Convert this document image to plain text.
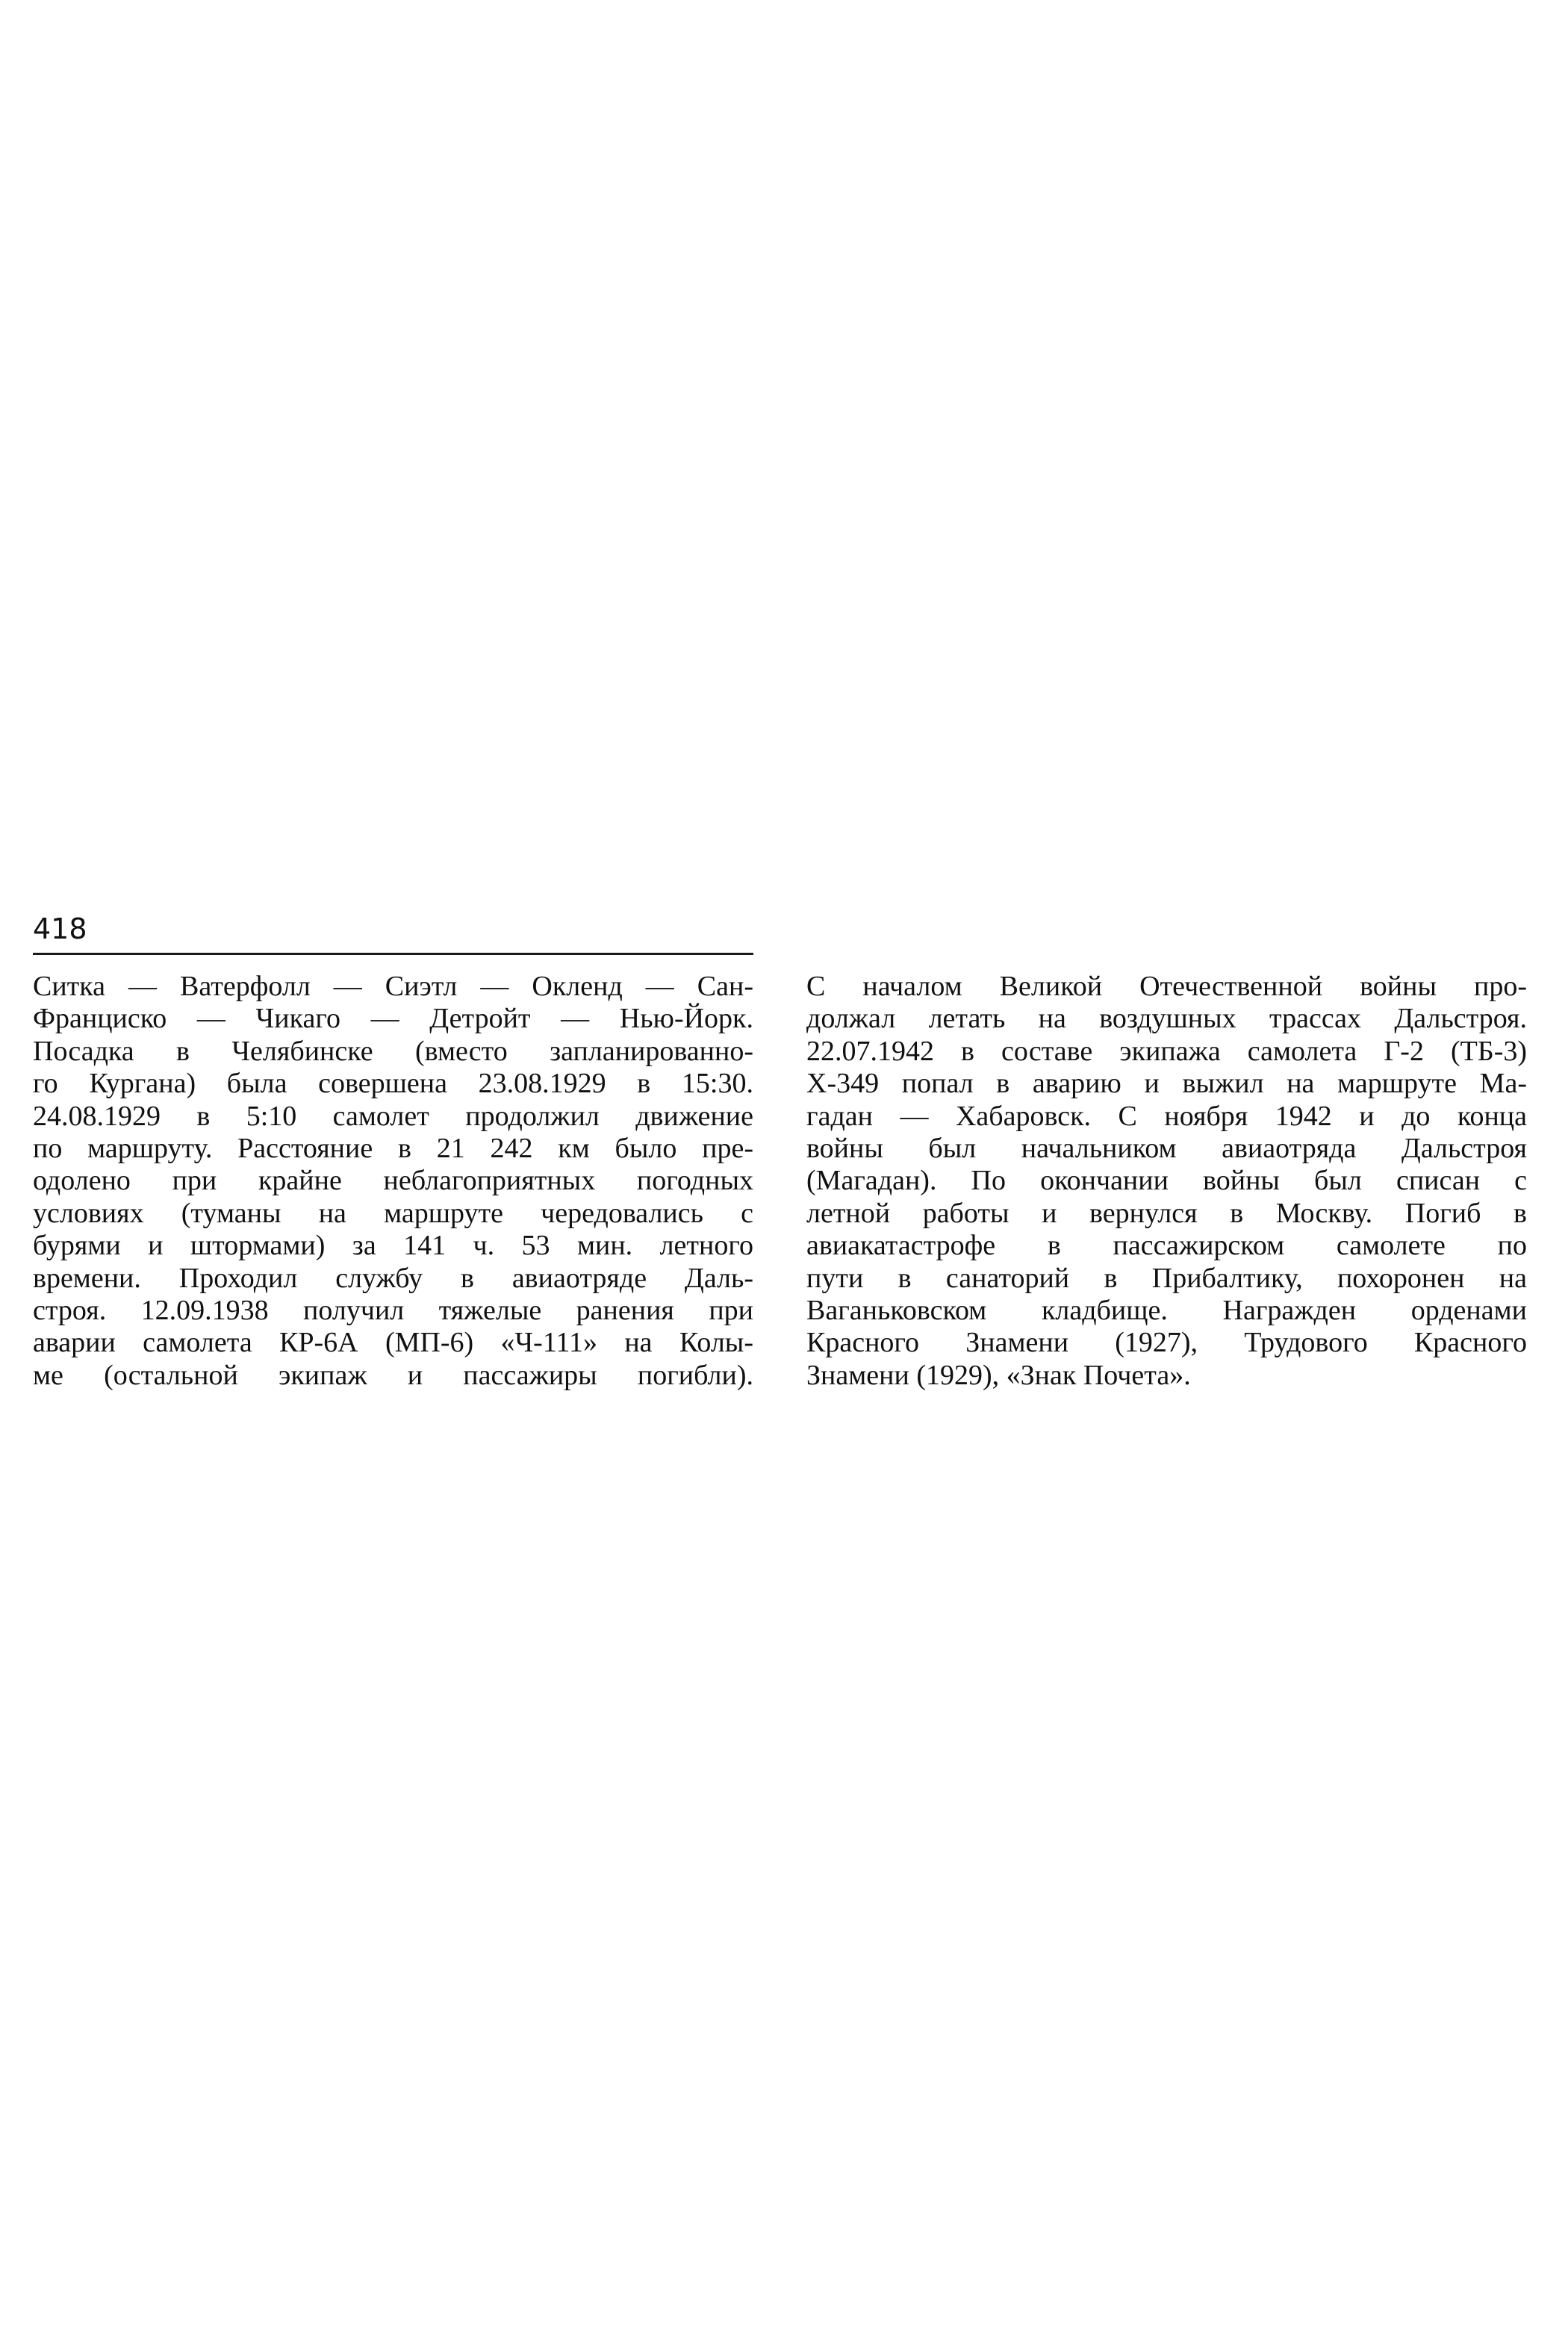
418
Ситка — Ватерфолл — Сиэтл — Окленд — Сан-
Франциско — Чикаго — Детройт — Нью-Йорк.
Посадка в Челябинске (вместо запланированно-
го Кургана) была совершена 23.08.1929 в 15:30.
24.08.1929 в 5:10 самолет продолжил движение
по маршруту. Расстояние в 21 242 км было пре-
одолено при крайне неблагоприятных погодных
условиях (туманы на маршруте чередовались с
бурями и штормами) за 141 ч. 53 мин. летного
времени. Проходил службу в авиаотряде Даль-
строя. 12.09.1938 получил тяжелые ранения при
аварии самолета КР-6А (МП-6) «Ч-111» на Колы-
ме (остальной экипаж и пассажиры погибли).
С началом Великой Отечественной войны про-
должал летать на воздушных трассах Дальстроя.
22.07.1942 в составе экипажа самолета Г-2 (ТБ-3)
Х-349 попал в аварию и выжил на маршруте Ма-
гадан — Хабаровск. С ноября 1942 и до конца
войны был начальником авиаотряда Дальстроя
(Магадан). По окончании войны был списан с
летной работы и вернулся в Москву. Погиб в
авиакатастрофе в пассажирском самолете по
пути в санаторий в Прибалтику, похоронен на
Ваганьковском кладбище. Награжден орденами
Красного Знамени (1927), Трудового Красного
Знамени (1929), «Знак Почета».
